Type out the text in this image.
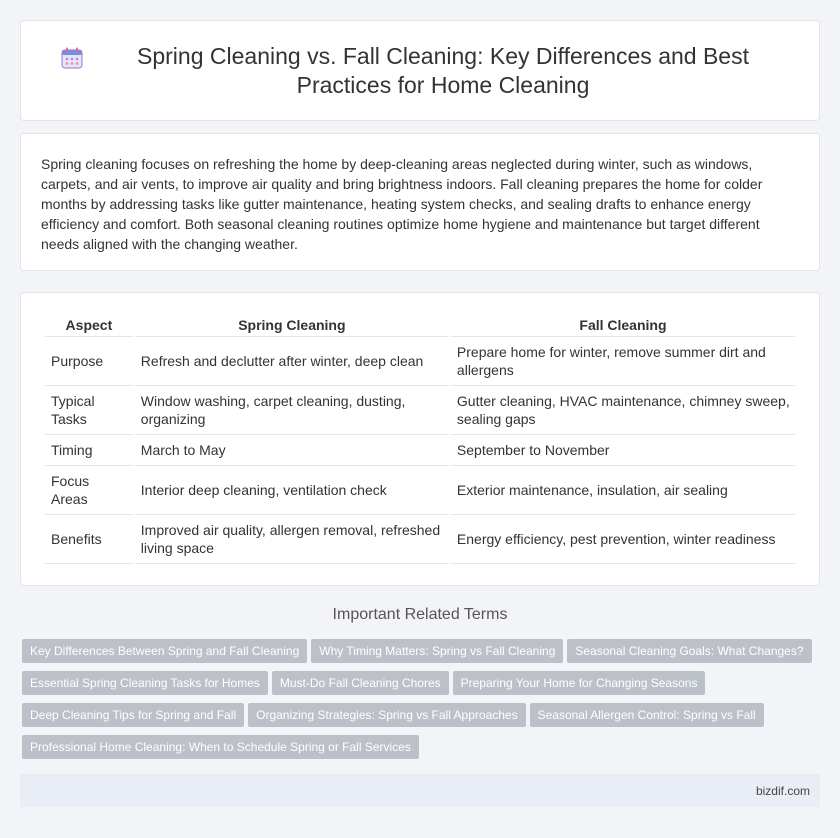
Spring Cleaning vs. Fall Cleaning: Key Differences and Best Practices for Home Cleaning

Spring cleaning focuses on refreshing the home by deep-cleaning areas neglected during winter, such as windows, carpets, and air vents, to improve air quality and bring brightness indoors. Fall cleaning prepares the home for colder months by addressing tasks like gutter maintenance, heating system checks, and sealing drafts to enhance energy efficiency and comfort. Both seasonal cleaning routines optimize home hygiene and maintenance but target different needs aligned with the changing weather.

Aspect	Spring Cleaning	Fall Cleaning
Purpose	Refresh and declutter after winter, deep clean	Prepare home for winter, remove summer dirt and allergens
Typical Tasks	Window washing, carpet cleaning, dusting, organizing	Gutter cleaning, HVAC maintenance, chimney sweep, sealing gaps
Timing	March to May	September to November
Focus Areas	Interior deep cleaning, ventilation check	Exterior maintenance, insulation, air sealing
Benefits	Improved air quality, allergen removal, refreshed living space	Energy efficiency, pest prevention, winter readiness
Important Related Terms
Key Differences Between Spring and Fall Cleaning Why Timing Matters: Spring vs Fall Cleaning Seasonal Cleaning Goals: What Changes?
Essential Spring Cleaning Tasks for Homes Must-Do Fall Cleaning Chores Preparing Your Home for Changing Seasons
Deep Cleaning Tips for Spring and Fall Organizing Strategies: Spring vs Fall Approaches Seasonal Allergen Control: Spring vs Fall
Professional Home Cleaning: When to Schedule Spring or Fall Services
bizdif.com
